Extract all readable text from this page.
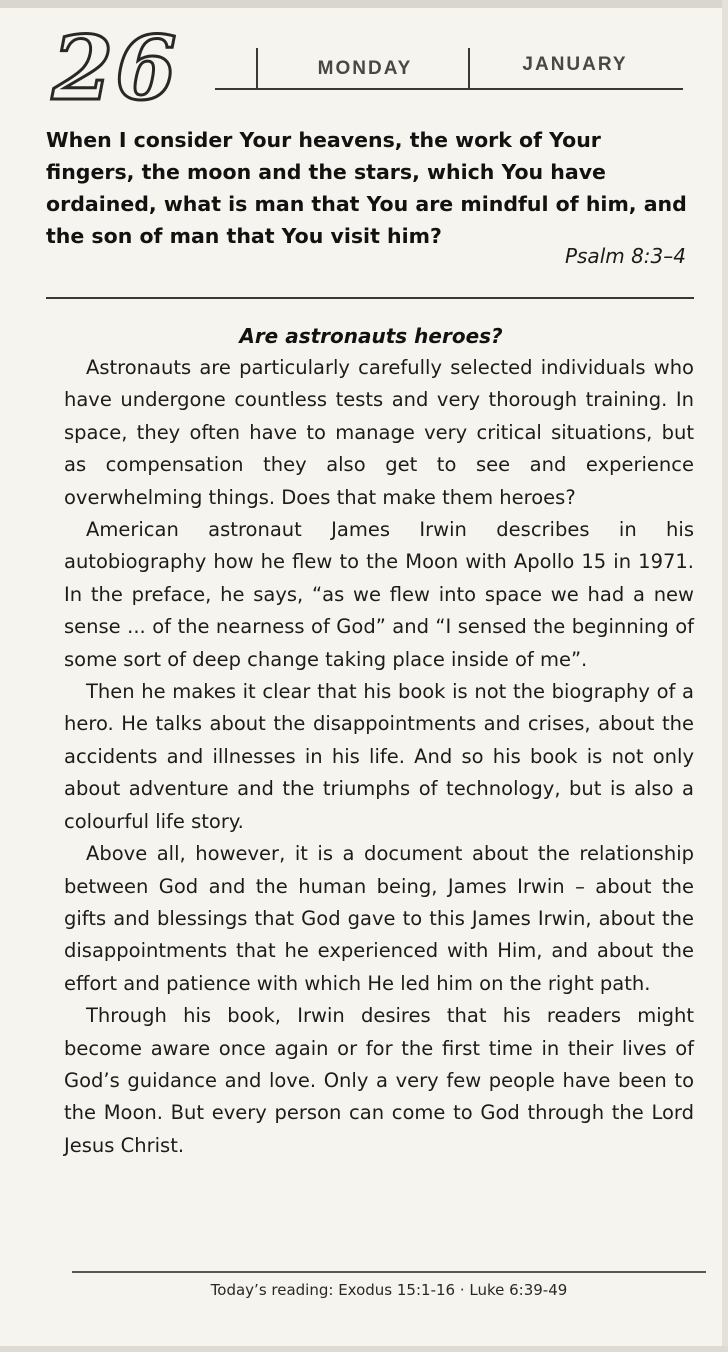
26	MONDAY	JANUARY
When I consider Your heavens, the work of Your fingers, the moon and the stars, which You have ordained, what is man that You are mindful of him, and the son of man that You visit him?
Psalm 8:3–4
Are astronauts heroes?

Astronauts are particularly carefully selected individuals who have undergone countless tests and very thorough training. In space, they often have to manage very critical situations, but as compensation they also get to see and experience overwhelming things. Does that make them heroes?

American astronaut James Irwin describes in his autobiography how he flew to the Moon with Apollo 15 in 1971. In the preface, he says, “as we flew into space we had a new sense ... of the nearness of God” and “I sensed the beginning of some sort of deep change taking place inside of me”.

Then he makes it clear that his book is not the biography of a hero. He talks about the disappointments and crises, about the accidents and illnesses in his life. And so his book is not only about adventure and the triumphs of technology, but is also a colourful life story.

Above all, however, it is a document about the relationship between God and the human being, James Irwin – about the gifts and blessings that God gave to this James Irwin, about the disappointments that he experienced with Him, and about the effort and patience with which He led him on the right path.

Through his book, Irwin desires that his readers might become aware once again or for the first time in their lives of God’s guidance and love. Only a very few people have been to the Moon. But every person can come to God through the Lord Jesus Christ.

Today’s reading: Exodus 15:1-16 · Luke 6:39-49
